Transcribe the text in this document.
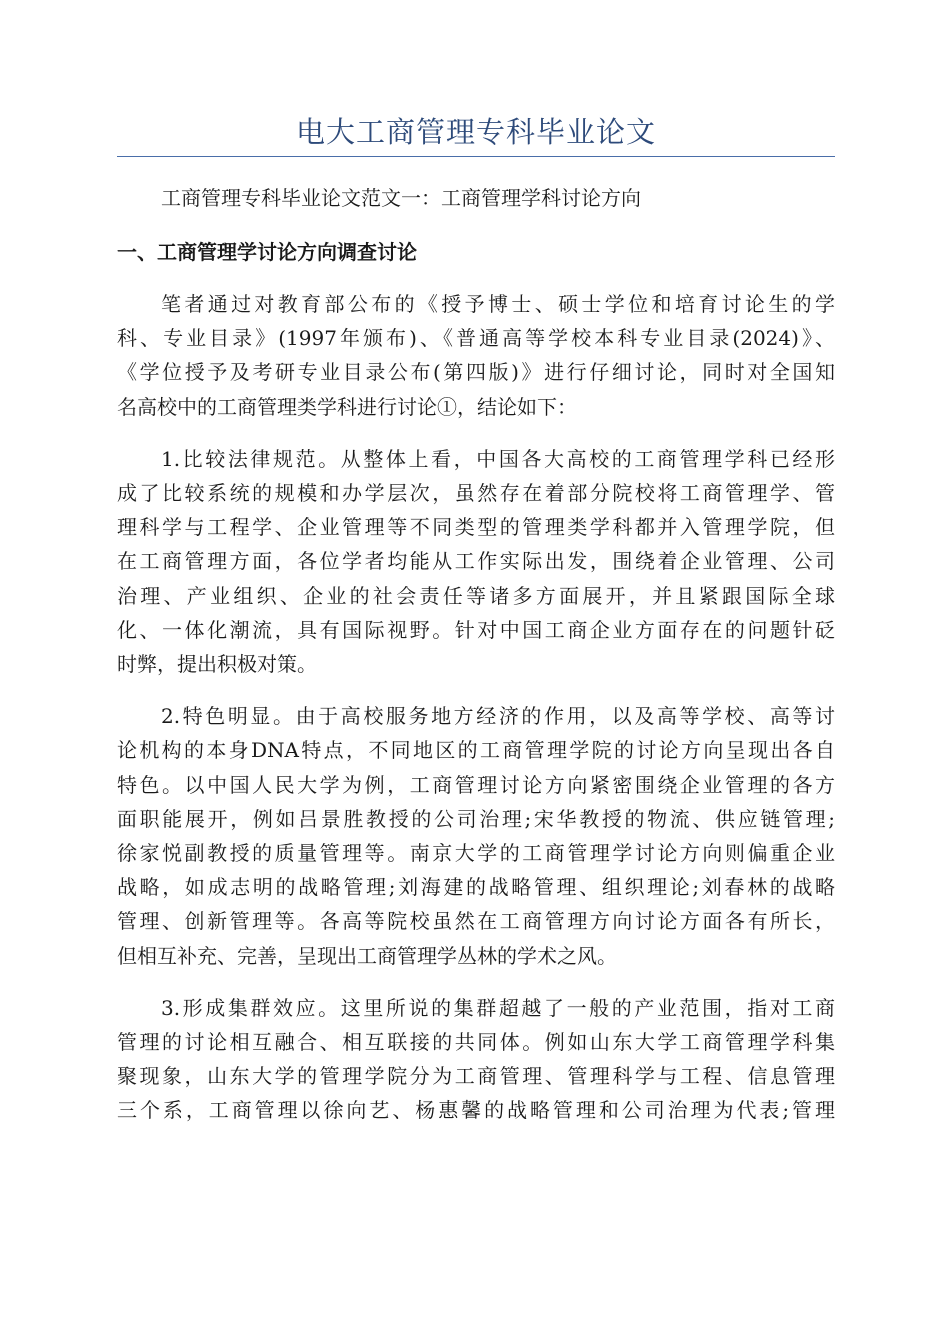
电大工商管理专科毕业论文

工商管理专科毕业论文范文一：工商管理学科讨论方向

一、工商管理学讨论方向调查讨论
笔者通过对教育部公布的《授予博士、硕士学位和培育讨论生的学
科、专业目录》(1997年颁布)、《普通高等学校本科专业目录(2024)》、
《学位授予及考研专业目录公布(第四版)》进行仔细讨论，同时对全国知
名高校中的工商管理类学科进行讨论①，结论如下：
1.比较法律规范。从整体上看，中国各大高校的工商管理学科已经形
成了比较系统的规模和办学层次，虽然存在着部分院校将工商管理学、管
理科学与工程学、企业管理等不同类型的管理类学科都并入管理学院，但
在工商管理方面，各位学者均能从工作实际出发，围绕着企业管理、公司
治理、产业组织、企业的社会责任等诸多方面展开，并且紧跟国际全球
化、一体化潮流，具有国际视野。针对中国工商企业方面存在的问题针砭
时弊，提出积极对策。
2.特色明显。由于高校服务地方经济的作用，以及高等学校、高等讨
论机构的本身DNA特点，不同地区的工商管理学院的讨论方向呈现出各自
特色。以中国人民大学为例，工商管理讨论方向紧密围绕企业管理的各方
面职能展开，例如吕景胜教授的公司治理;宋华教授的物流、供应链管理;
徐家悦副教授的质量管理等。南京大学的工商管理学讨论方向则偏重企业
战略，如成志明的战略管理;刘海建的战略管理、组织理论;刘春林的战略
管理、创新管理等。各高等院校虽然在工商管理方向讨论方面各有所长，
但相互补充、完善，呈现出工商管理学丛林的学术之风。
3.形成集群效应。这里所说的集群超越了一般的产业范围，指对工商
管理的讨论相互融合、相互联接的共同体。例如山东大学工商管理学科集
聚现象，山东大学的管理学院分为工商管理、管理科学与工程、信息管理
三个系，工商管理以徐向艺、杨惠馨的战略管理和公司治理为代表;管理
